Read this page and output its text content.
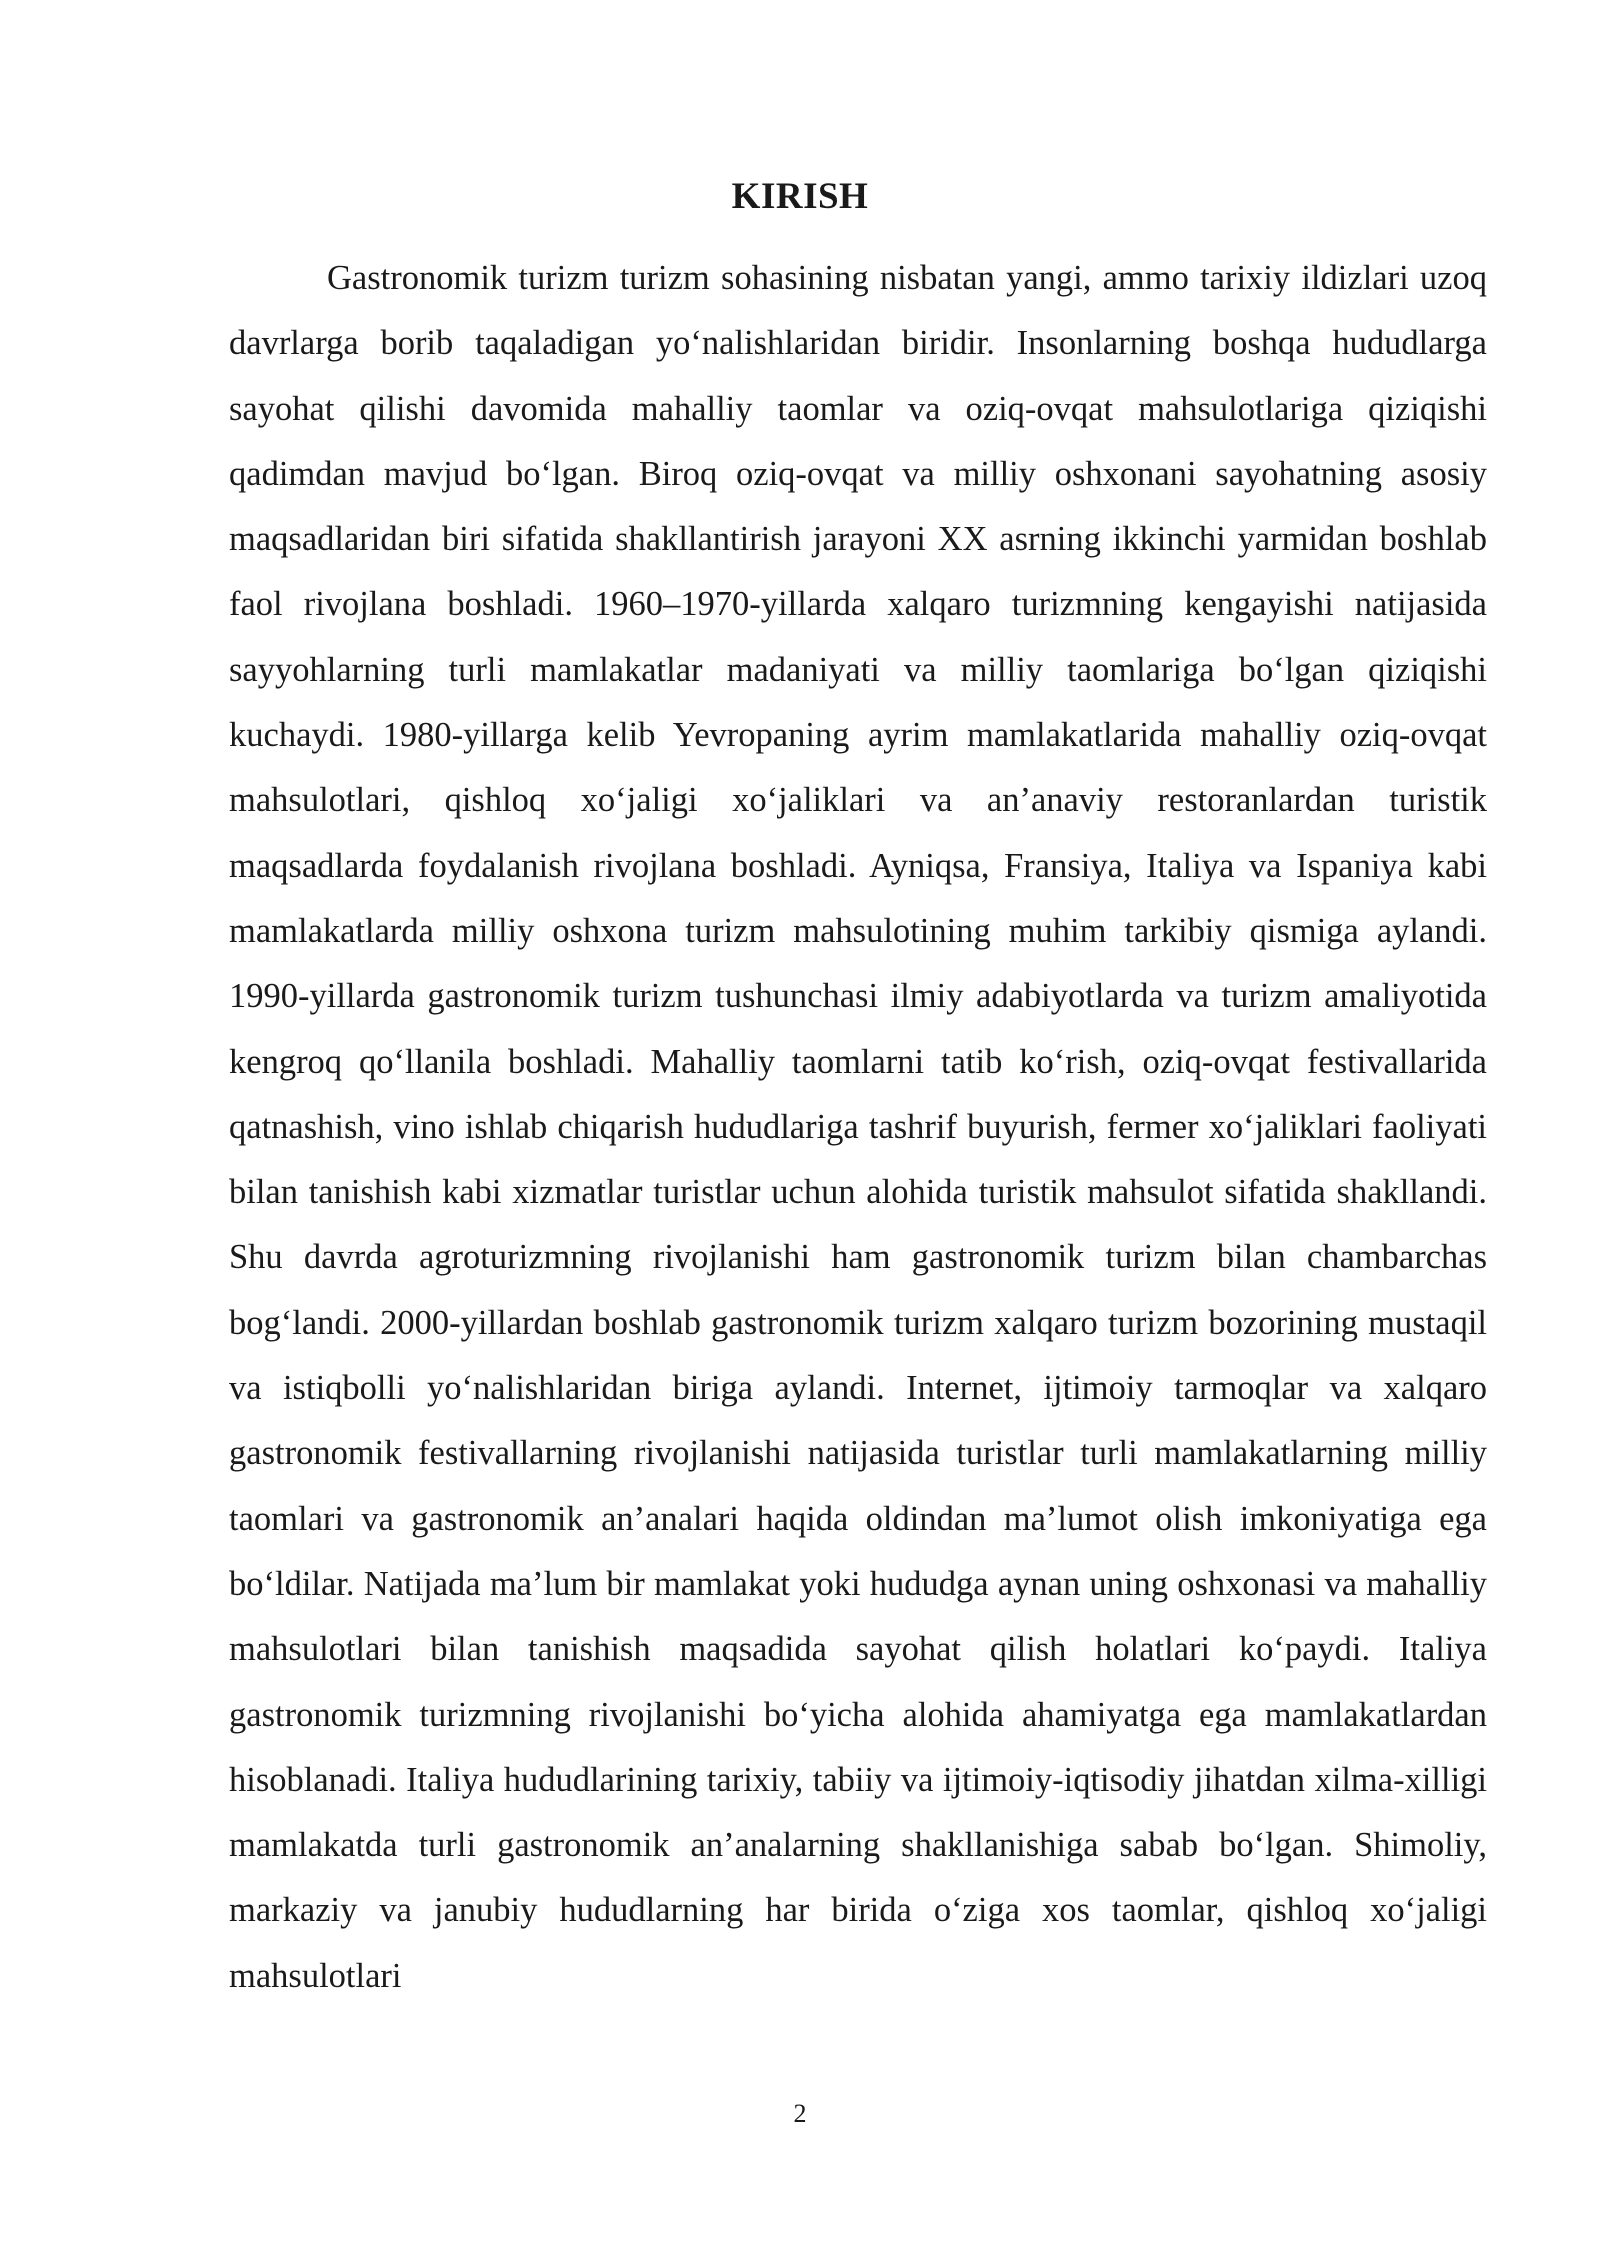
KIRISH

Gastronomik turizm turizm sohasining nisbatan yangi, ammo tarixiy ildizlari uzoq davrlarga borib taqaladigan yo‘nalishlaridan biridir. Insonlarning boshqa hududlarga sayohat qilishi davomida mahalliy taomlar va oziq-ovqat mahsulotlariga qiziqishi qadimdan mavjud bo‘lgan. Biroq oziq-ovqat va milliy oshxonani sayohatning asosiy maqsadlaridan biri sifatida shakllantirish jarayoni XX asrning ikkinchi yarmidan boshlab faol rivojlana boshladi. 1960–1970-yillarda xalqaro turizmning kengayishi natijasida sayyohlarning turli mamlakatlar madaniyati va milliy taomlariga bo‘lgan qiziqishi kuchaydi. 1980-yillarga kelib Yevropaning ayrim mamlakatlarida mahalliy oziq-ovqat mahsulotlari, qishloq xo‘jaligi xo‘jaliklari va an’anaviy restoranlardan turistik maqsadlarda foydalanish rivojlana boshladi. Ayniqsa, Fransiya, Italiya va Ispaniya kabi mamlakatlarda milliy oshxona turizm mahsulotining muhim tarkibiy qismiga aylandi. 1990-yillarda gastronomik turizm tushunchasi ilmiy adabiyotlarda va turizm amaliyotida kengroq qo‘llanila boshladi. Mahalliy taomlarni tatib ko‘rish, oziq-ovqat festivallarida qatnashish, vino ishlab chiqarish hududlariga tashrif buyurish, fermer xo‘jaliklari faoliyati bilan tanishish kabi xizmatlar turistlar uchun alohida turistik mahsulot sifatida shakllandi. Shu davrda agroturizmning rivojlanishi ham gastronomik turizm bilan chambarchas bog‘landi. 2000-yillardan boshlab gastronomik turizm xalqaro turizm bozorining mustaqil va istiqbolli yo‘nalishlaridan biriga aylandi. Internet, ijtimoiy tarmoqlar va xalqaro gastronomik festivallarning rivojlanishi natijasida turistlar turli mamlakatlarning milliy taomlari va gastronomik an’analari haqida oldindan ma’lumot olish imkoniyatiga ega bo‘ldilar. Natijada ma’lum bir mamlakat yoki hududga aynan uning oshxonasi va mahalliy mahsulotlari bilan tanishish maqsadida sayohat qilish holatlari ko‘paydi. Italiya gastronomik turizmning rivojlanishi bo‘yicha alohida ahamiyatga ega mamlakatlardan hisoblanadi. Italiya hududlarining tarixiy, tabiiy va ijtimoiy-iqtisodiy jihatdan xilma-xilligi mamlakatda turli gastronomik an’analarning shakllanishiga sabab bo‘lgan. Shimoliy, markaziy va janubiy hududlarning har birida o‘ziga xos taomlar, qishloq xo‘jaligi mahsulotlari

2
